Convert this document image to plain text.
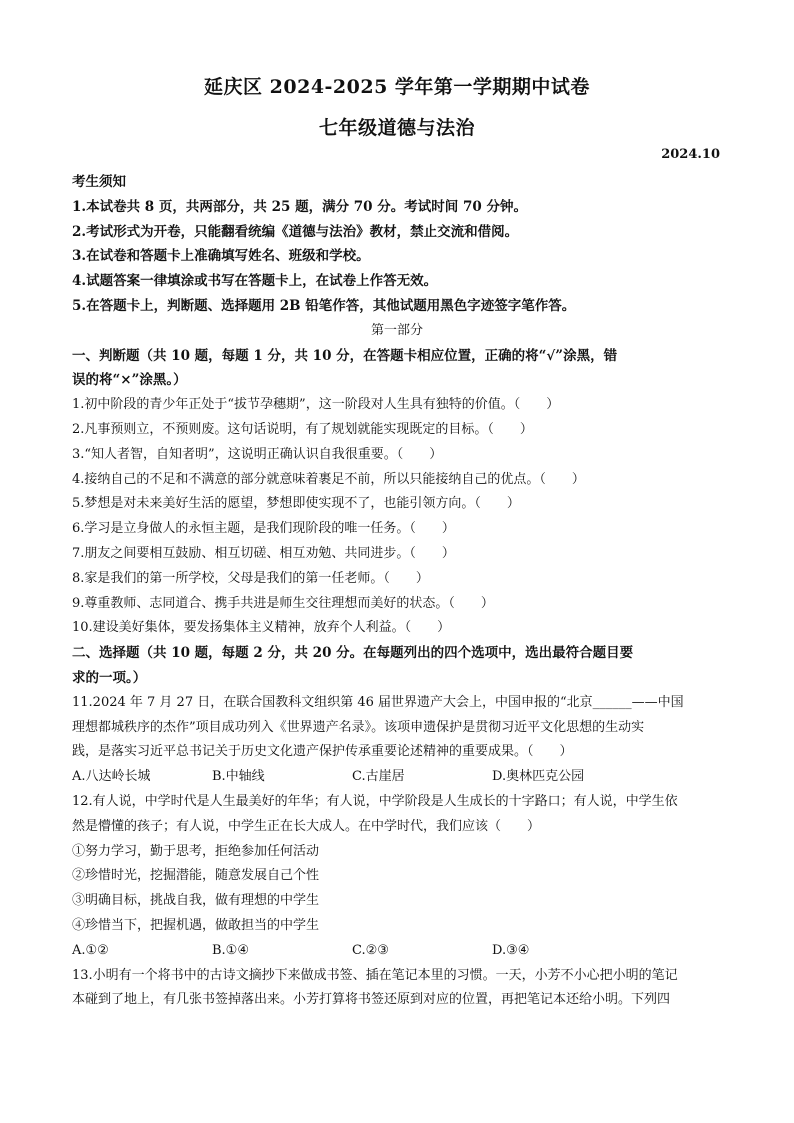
延庆区 2024-2025 学年第一学期期中试卷
七年级道德与法治
2024.10
考生须知
1.本试卷共 8 页，共两部分，共 25 题，满分 70 分。考试时间 70 分钟。
2.考试形式为开卷，只能翻看统编《道德与法治》教材，禁止交流和借阅。
3.在试卷和答题卡上准确填写姓名、班级和学校。
4.试题答案一律填涂或书写在答题卡上，在试卷上作答无效。
5.在答题卡上，判断题、选择题用 2B 铅笔作答，其他试题用黑色字迹签字笔作答。
第一部分
一、判断题（共 10 题，每题 1 分，共 10 分，在答题卡相应位置，正确的将“√”涂黑，错
误的将“×”涂黑。）
1.初中阶段的青少年正处于“拔节孕穗期”，这一阶段对人生具有独特的价值。（　　）
2.凡事预则立，不预则废。这句话说明，有了规划就能实现既定的目标。（　　）
3.“知人者智，自知者明”，这说明正确认识自我很重要。（　　）
4.接纳自己的不足和不满意的部分就意味着裹足不前，所以只能接纳自己的优点。（　　）
5.梦想是对未来美好生活的愿望，梦想即使实现不了，也能引领方向。（　　）
6.学习是立身做人的永恒主题，是我们现阶段的唯一任务。（　　）
7.朋友之间要相互鼓励、相互切磋、相互劝勉、共同进步。（　　）
8.家是我们的第一所学校，父母是我们的第一任老师。（　　）
9.尊重教师、志同道合、携手共进是师生交往理想而美好的状态。（　　）
10.建设美好集体，要发扬集体主义精神，放弃个人利益。（　　）
二、选择题（共 10 题，每题 2 分，共 20 分。在每题列出的四个选项中，选出最符合题目要
求的一项。）
11.2024 年 7 月 27 日，在联合国教科文组织第 46 届世界遗产大会上，中国申报的“北京______——中国
理想都城秩序的杰作”项目成功列入《世界遗产名录》。该项申遗保护是贯彻习近平文化思想的生动实
践，是落实习近平总书记关于历史文化遗产保护传承重要论述精神的重要成果。（　　）
A.八达岭长城	B.中轴线	C.古崖居	D.奥林匹克公园
12.有人说，中学时代是人生最美好的年华；有人说，中学阶段是人生成长的十字路口；有人说，中学生依
然是懵懂的孩子；有人说，中学生正在长大成人。在中学时代，我们应该（　　）
①努力学习，勤于思考，拒绝参加任何活动
②珍惜时光，挖掘潜能，随意发展自己个性
③明确目标，挑战自我，做有理想的中学生
④珍惜当下，把握机遇，做敢担当的中学生
A.①②	B.①④	C.②③	D.③④
13.小明有一个将书中的古诗文摘抄下来做成书签、插在笔记本里的习惯。一天，小芳不小心把小明的笔记
本碰到了地上，有几张书签掉落出来。小芳打算将书签还原到对应的位置，再把笔记本还给小明。下列四
